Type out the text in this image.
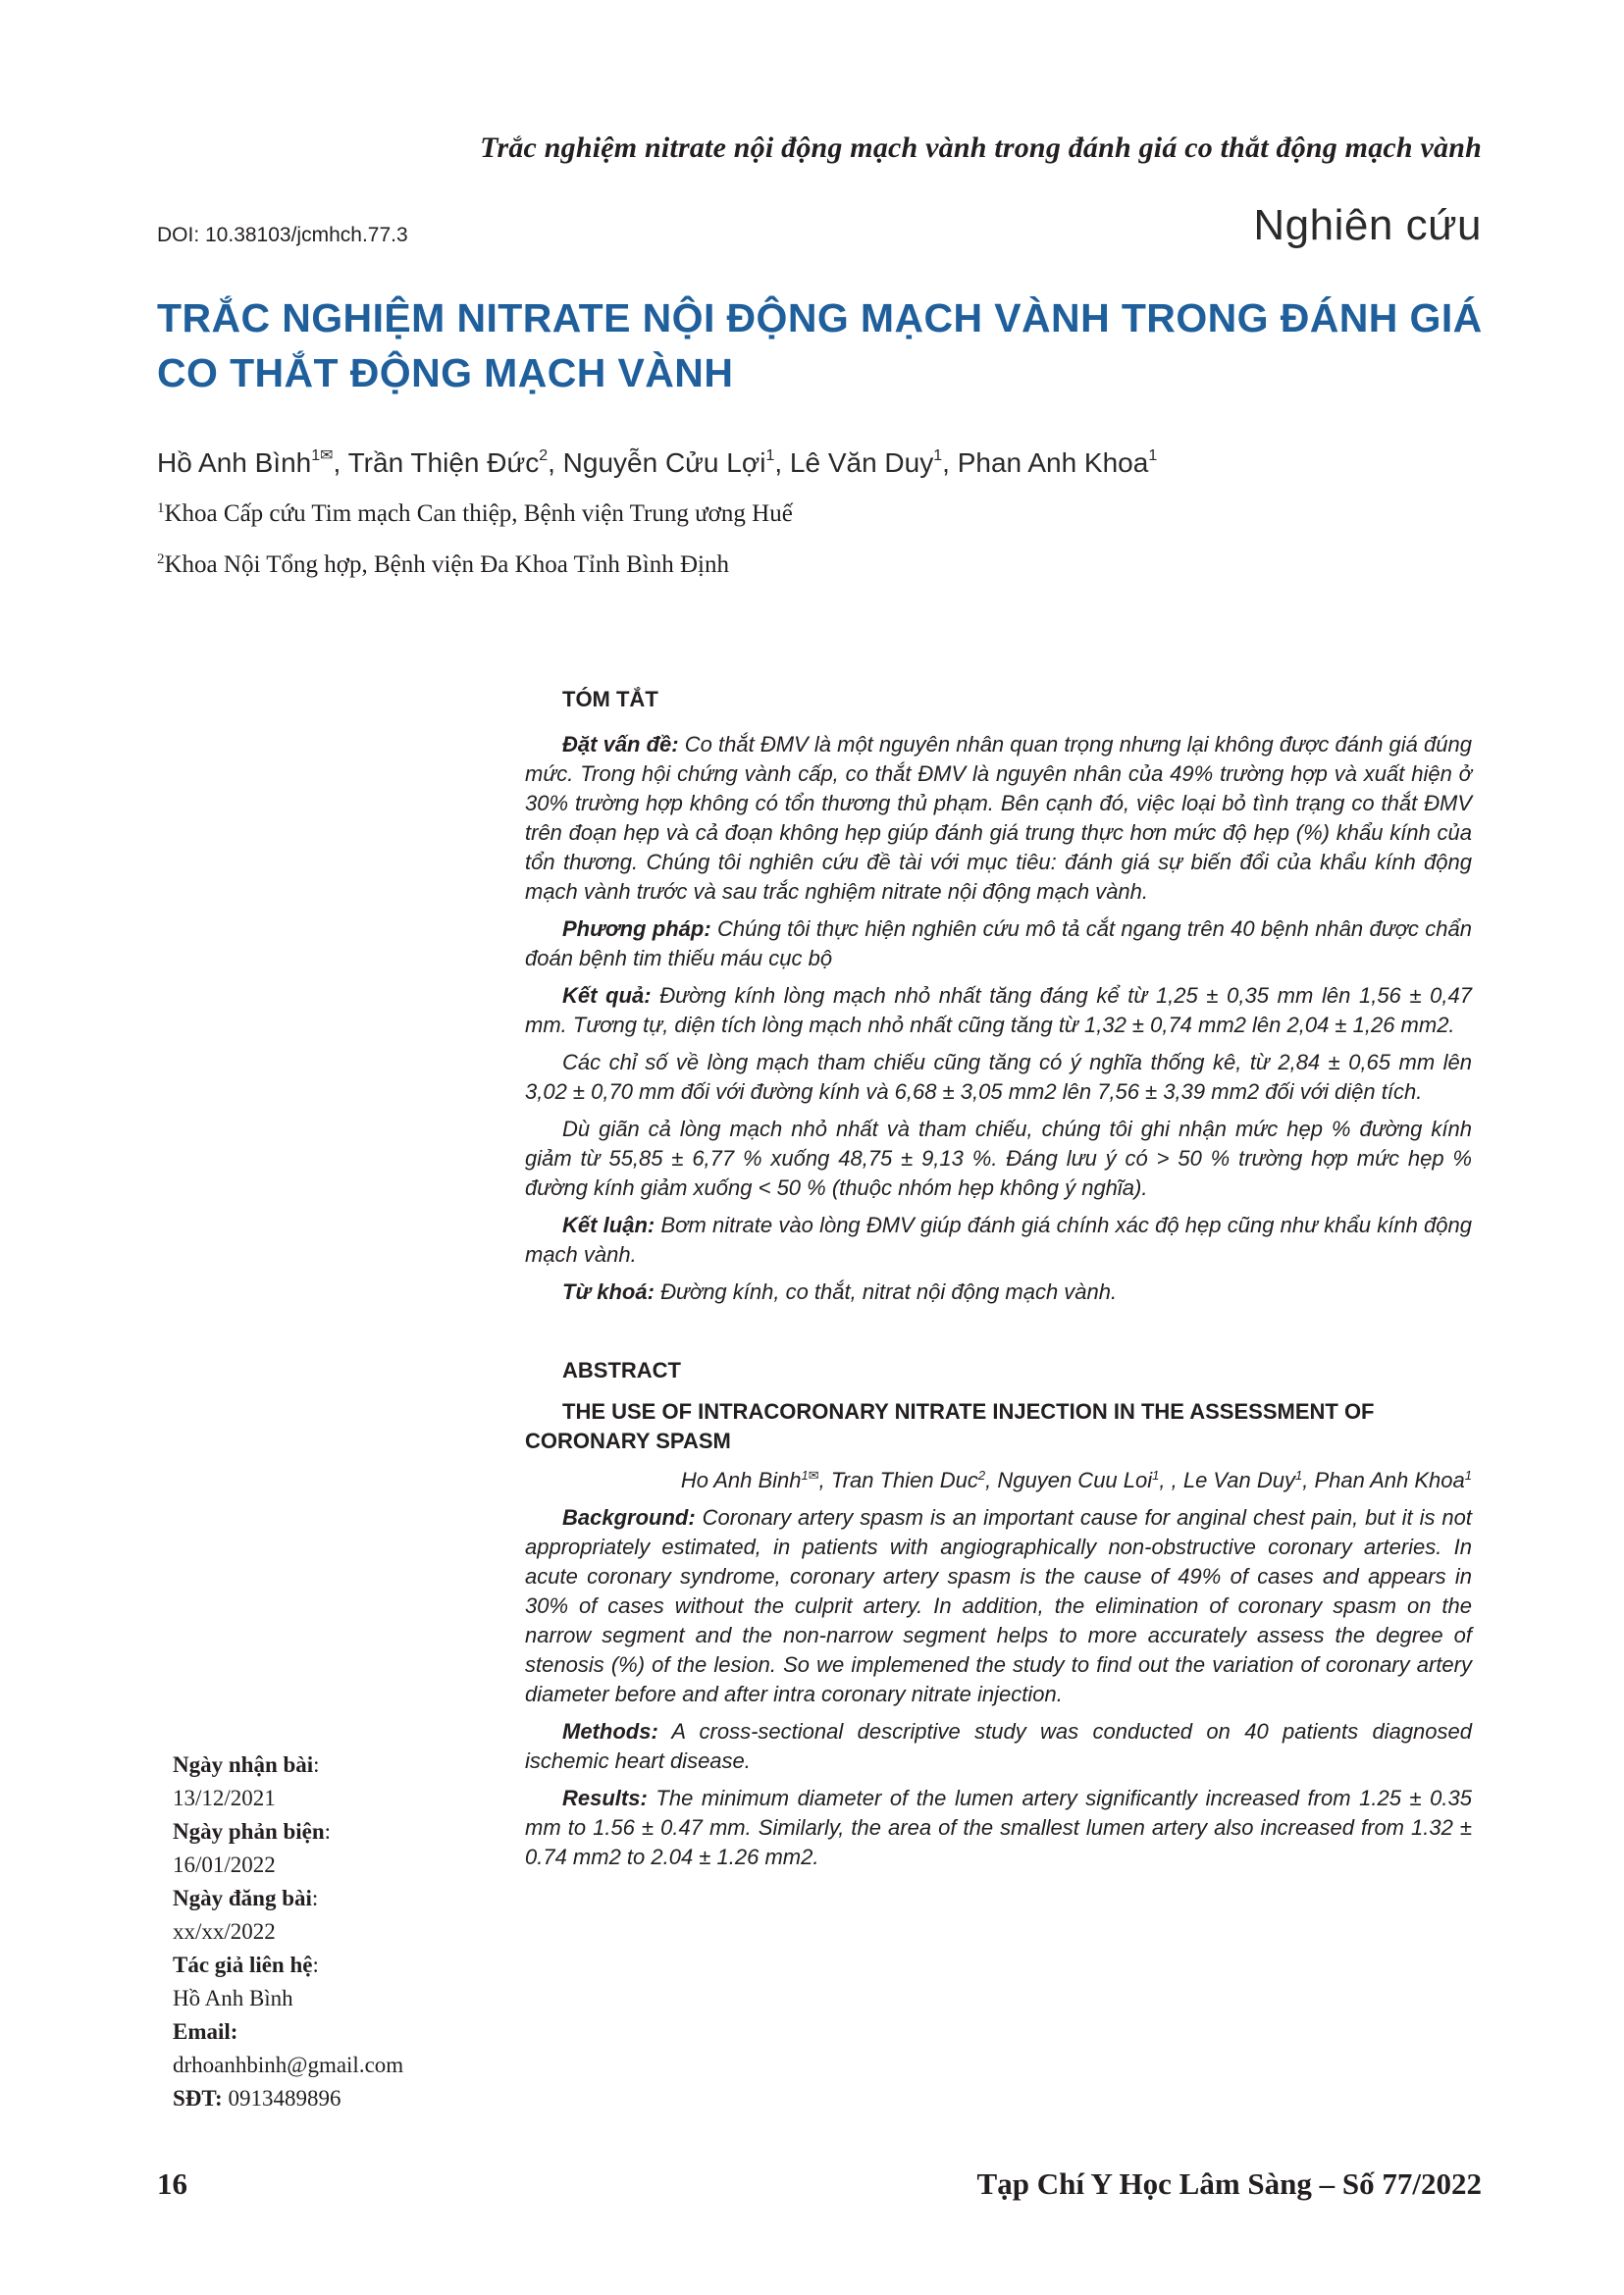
Trắc nghiệm nitrate nội động mạch vành trong đánh giá co thắt động mạch vành
DOI: 10.38103/jcmhch.77.3	Nghiên cứu
TRẮC NGHIỆM NITRATE NỘI ĐỘNG MẠCH VÀNH TRONG ĐÁNH GIÁ CO THẮT ĐỘNG MẠCH VÀNH
Hồ Anh Bình$^{1✉}$, Trần Thiện Đức$^2$, Nguyễn Cửu Lợi$^1$, Lê Văn Duy$^1$, Phan Anh Khoa$^1$
$^1$Khoa Cấp cứu Tim mạch Can thiệp, Bệnh viện Trung ương Huế
$^2$Khoa Nội Tổng hợp, Bệnh viện Đa Khoa Tỉnh Bình Định

TÓM TẮT

Đặt vấn đề: Co thắt ĐMV là một nguyên nhân quan trọng nhưng lại không được đánh giá đúng mức. Trong hội chứng vành cấp, co thắt ĐMV là nguyên nhân của 49% trường hợp và xuất hiện ở 30% trường hợp không có tổn thương thủ phạm. Bên cạnh đó, việc loại bỏ tình trạng co thắt ĐMV trên đoạn hẹp và cả đoạn không hẹp giúp đánh giá trung thực hơn mức độ hẹp (%) khẩu kính của tổn thương. Chúng tôi nghiên cứu đề tài với mục tiêu: đánh giá sự biến đổi của khẩu kính động mạch vành trước và sau trắc nghiệm nitrate nội động mạch vành.

Phương pháp: Chúng tôi thực hiện nghiên cứu mô tả cắt ngang trên 40 bệnh nhân được chẩn đoán bệnh tim thiếu máu cục bộ

Kết quả: Đường kính lòng mạch nhỏ nhất tăng đáng kể từ 1,25 ± 0,35 mm lên 1,56 ± 0,47 mm. Tương tự, diện tích lòng mạch nhỏ nhất cũng tăng từ 1,32 ± 0,74 mm2 lên 2,04 ± 1,26 mm2.

Các chỉ số về lòng mạch tham chiếu cũng tăng có ý nghĩa thống kê, từ 2,84 ± 0,65 mm lên 3,02 ± 0,70 mm đối với đường kính và 6,68 ± 3,05 mm2 lên 7,56 ± 3,39 mm2 đối với diện tích.

Dù giãn cả lòng mạch nhỏ nhất và tham chiếu, chúng tôi ghi nhận mức hẹp % đường kính giảm từ 55,85 ± 6,77 % xuống 48,75 ± 9,13 %. Đáng lưu ý có > 50 % trường hợp mức hẹp % đường kính giảm xuống < 50 % (thuộc nhóm hẹp không ý nghĩa).

Kết luận: Bơm nitrate vào lòng ĐMV giúp đánh giá chính xác độ hẹp cũng như khẩu kính động mạch vành.

Từ khoá: Đường kính, co thắt, nitrat nội động mạch vành.

ABSTRACT

THE USE OF INTRACORONARY NITRATE INJECTION IN THE ASSESSMENT OF CORONARY SPASM

Ho Anh Binh$^{1✉}$, Tran Thien Duc$^2$, Nguyen Cuu Loi$^1$, , Le Van Duy$^1$, Phan Anh Khoa$^1$

Background: Coronary artery spasm is an important cause for anginal chest pain, but it is not appropriately estimated, in patients with angiographically non-obstructive coronary arteries. In acute coronary syndrome, coronary artery spasm is the cause of 49% of cases and appears in 30% of cases without the culprit artery. In addition, the elimination of coronary spasm on the narrow segment and the non-narrow segment helps to more accurately assess the degree of stenosis (%) of the lesion. So we implemened the study to find out the variation of coronary artery diameter before and after intra coronary nitrate injection.

Methods: A cross-sectional descriptive study was conducted on 40 patients diagnosed ischemic heart disease.

Results: The minimum diameter of the lumen artery significantly increased from 1.25 ± 0.35 mm to 1.56 ± 0.47 mm. Similarly, the area of the smallest lumen artery also increased from 1.32 ± 0.74 mm2 to 2.04 ± 1.26 mm2.

Ngày nhận bài:
13/12/2021
Ngày phản biện:
16/01/2022
Ngày đăng bài:
xx/xx/2022
Tác giả liên hệ:
Hồ Anh Bình
Email:
drhoanhbinh@gmail.com
SĐT: 0913489896
16	Tạp Chí Y Học Lâm Sàng – Số 77/2022
